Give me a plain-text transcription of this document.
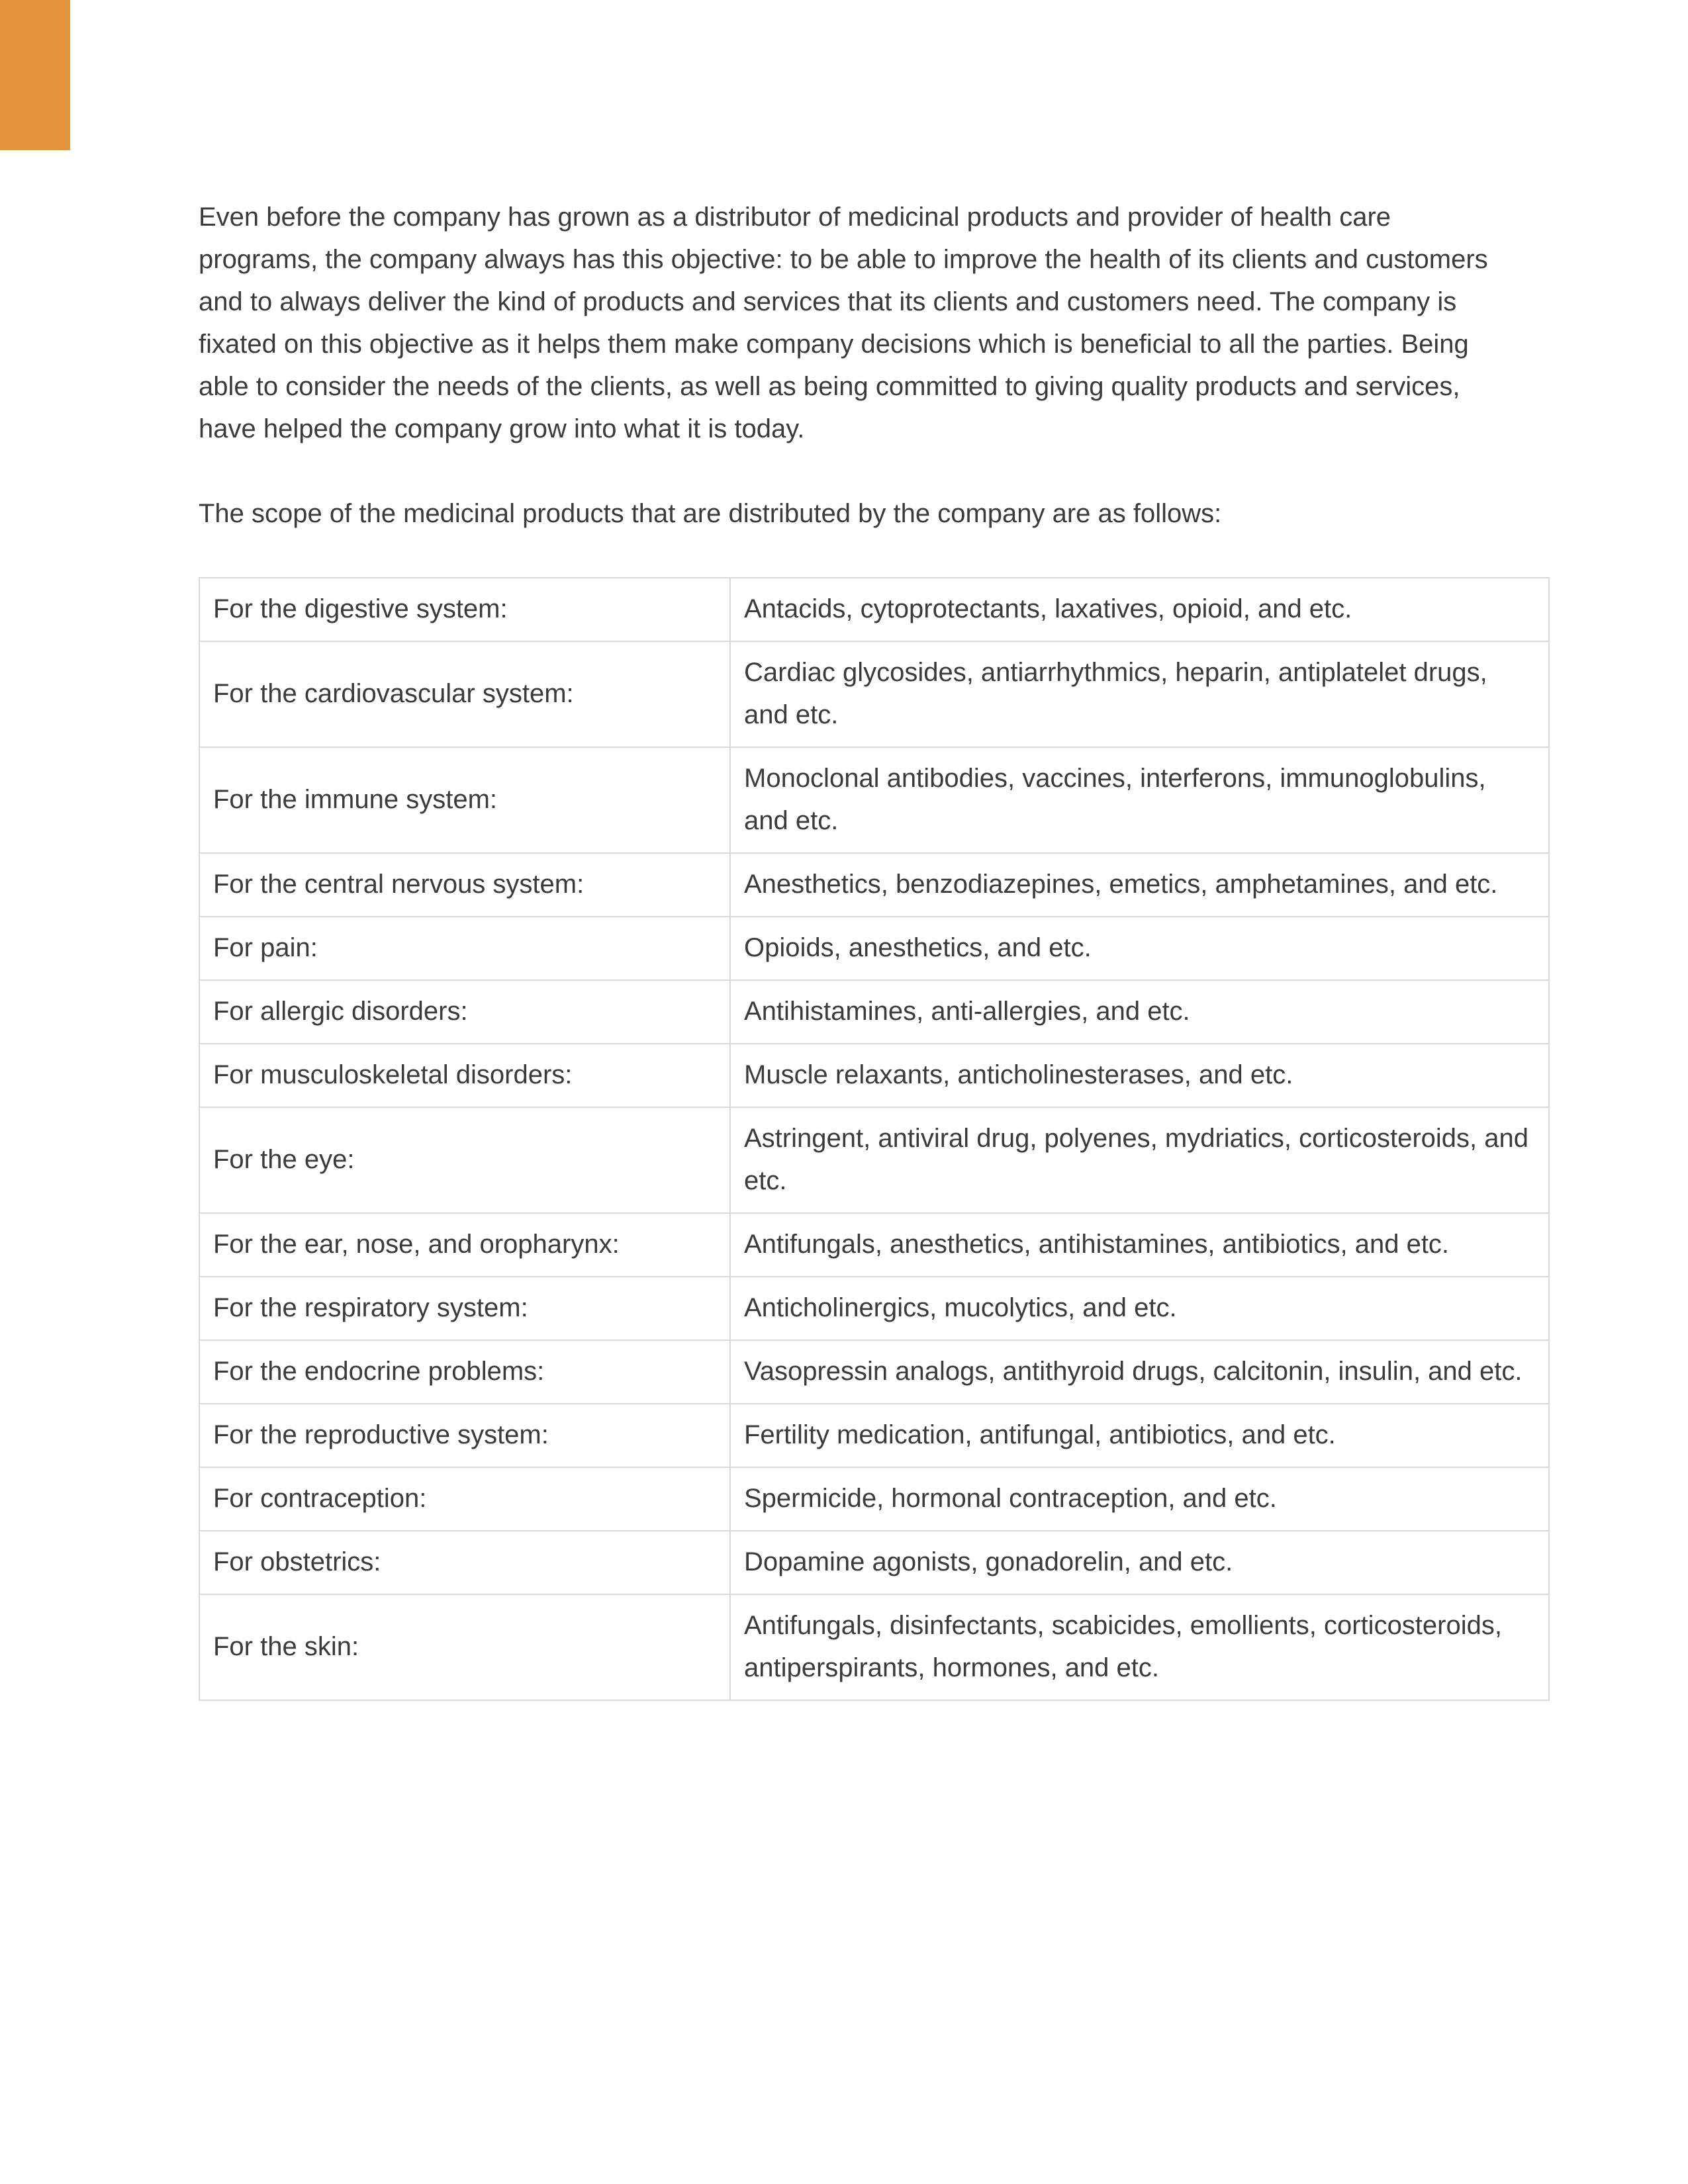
Even before the company has grown as a distributor of medicinal products and provider of health care programs, the company always has this objective: to be able to improve the health of its clients and customers and to always deliver the kind of products and services that its clients and customers need. The company is fixated on this objective as it helps them make company decisions which is beneficial to all the parties. Being able to consider the needs of the clients, as well as being committed to giving quality products and services, have helped the company grow into what it is today.

The scope of the medicinal products that are distributed by the company are as follows:

For the digestive system:	Antacids, cytoprotectants, laxatives, opioid, and etc.
For the cardiovascular system:	Cardiac glycosides, antiarrhythmics, heparin, antiplatelet drugs, and etc.
For the immune system:	Monoclonal antibodies, vaccines, interferons, immunoglobulins, and etc.
For the central nervous system:	Anesthetics, benzodiazepines, emetics, amphetamines, and etc.
For pain:	Opioids, anesthetics, and etc.
For allergic disorders:	Antihistamines, anti-allergies, and etc.
For musculoskeletal disorders:	Muscle relaxants, anticholinesterases, and etc.
For the eye:	Astringent, antiviral drug, polyenes, mydriatics, corticosteroids, and etc.
For the ear, nose, and oropharynx:	Antifungals, anesthetics, antihistamines, antibiotics, and etc.
For the respiratory system:	Anticholinergics, mucolytics, and etc.
For the endocrine problems:	Vasopressin analogs, antithyroid drugs, calcitonin, insulin, and etc.
For the reproductive system:	Fertility medication, antifungal, antibiotics, and etc.
For contraception:	Spermicide, hormonal contraception, and etc.
For obstetrics:	Dopamine agonists, gonadorelin, and etc.
For the skin:	Antifungals, disinfectants, scabicides, emollients, corticosteroids, antiperspirants, hormones, and etc.
